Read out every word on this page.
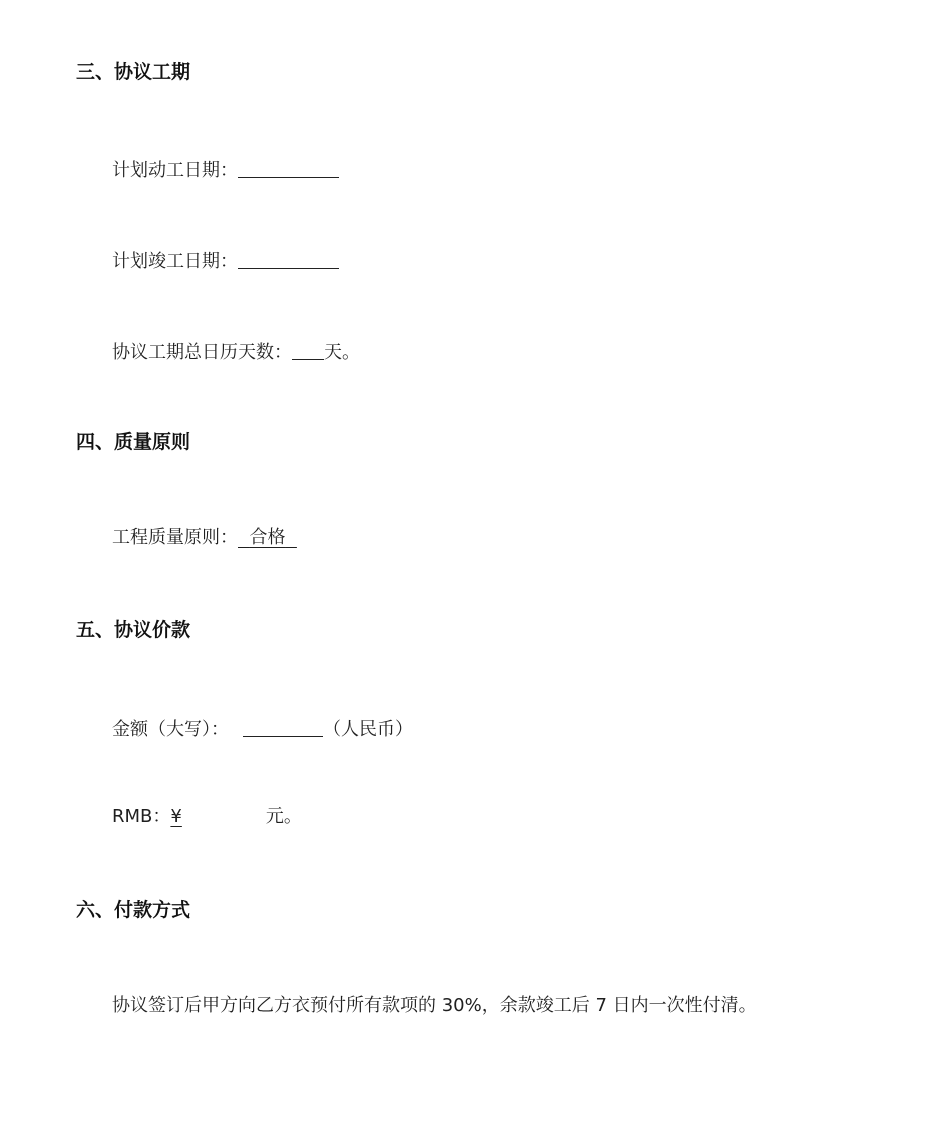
三、协议工期
计划动工日期：
计划竣工日期：
协议工期总日历天数： 天。
四、质量原则
工程质量原则： 合格
五、协议价款
金额（大写）：	（人民币）
RMB：¥	元。
六、付款方式
协议签订后甲方向乙方衣预付所有款项的 30%，余款竣工后 7 日内一次性付清。
